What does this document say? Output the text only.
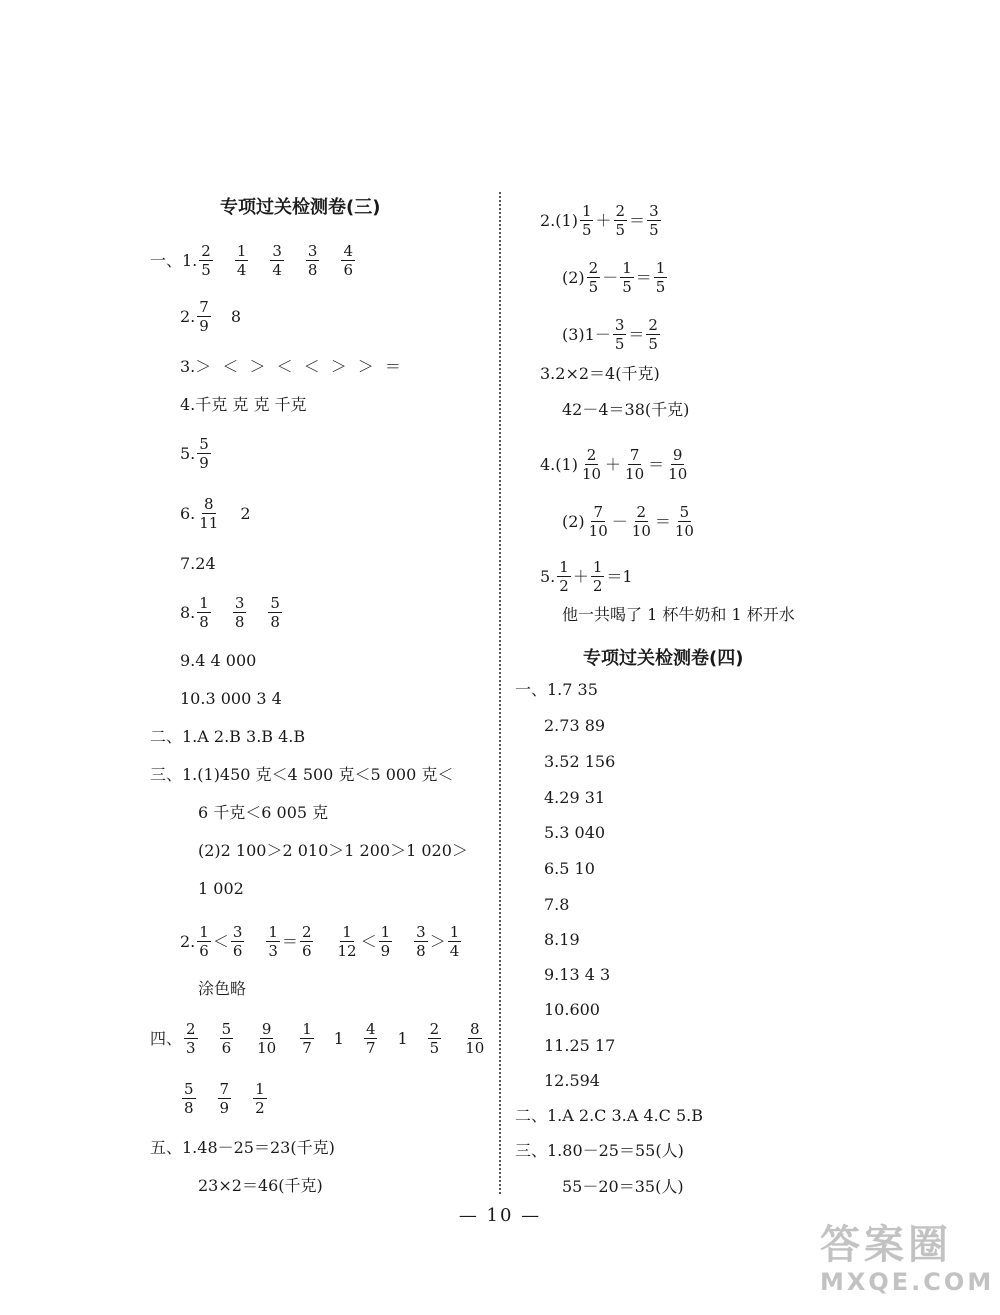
专项过关检测卷(三)
一、1. $\frac{2}{5} \frac{1}{4} \frac{3}{4} \frac{3}{8} \frac{4}{6}$
2. $\frac{7}{9} 8$
3.＞ ＜ ＞ ＜ ＜ ＞ ＞ ＝
4.千克 克 克 千克
5. $\frac{5}{9}$
6. $\frac{8}{11} 2$
7.24
8. $\frac{1}{8} \frac{3}{8} \frac{5}{8}$
9.4 4 000
10.3 000 3 4
二、1.A 2.B 3.B 4.B
三、1.(1)450 克＜4 500 克＜5 000 克＜
6 千克＜6 005 克
(2)2 100＞2 010＞1 200＞1 020＞
1 002
2. $\frac{1}{6} < \frac{3}{6} \frac{1}{3} = \frac{2}{6} \frac{1}{12} < \frac{1}{9} \frac{3}{8} > \frac{1}{4}$
涂色略
四、 $\frac{2}{3} \frac{5}{6} \frac{9}{10} \frac{1}{7} 1 \frac{4}{7} 1 \frac{2}{5} \frac{8}{10}$
$\frac{5}{8} \frac{7}{9} \frac{1}{2}$
五、1.48－25＝23(千克)
23×2＝46(千克)
$2.(1) \frac{1}{5} + \frac{2}{5} = \frac{3}{5}$
$(2) \frac{2}{5} - \frac{1}{5} = \frac{1}{5}$
$(3)1- \frac{3}{5} = \frac{2}{5}$
3.2×2＝4(千克)
42－4＝38(千克)
$4.(1) \frac{2}{10} + \frac{7}{10} = \frac{9}{10}$
$(2) \frac{7}{10} - \frac{2}{10} = \frac{5}{10}$
5. $\frac{1}{2} + \frac{1}{2} =1$
他一共喝了 1 杯牛奶和 1 杯开水
专项过关检测卷(四)
一、1.7 35
2.73 89
3.52 156
4.29 31
5.3 040
6.5 10
7.8
8.19
9.13 4 3
10.600
11.25 17
12.594
二、1.A 2.C 3.A 4.C 5.B
三、1.80－25＝55(人)
55－20＝35(人)
— 10 —
答案圈
MXQE.COM
